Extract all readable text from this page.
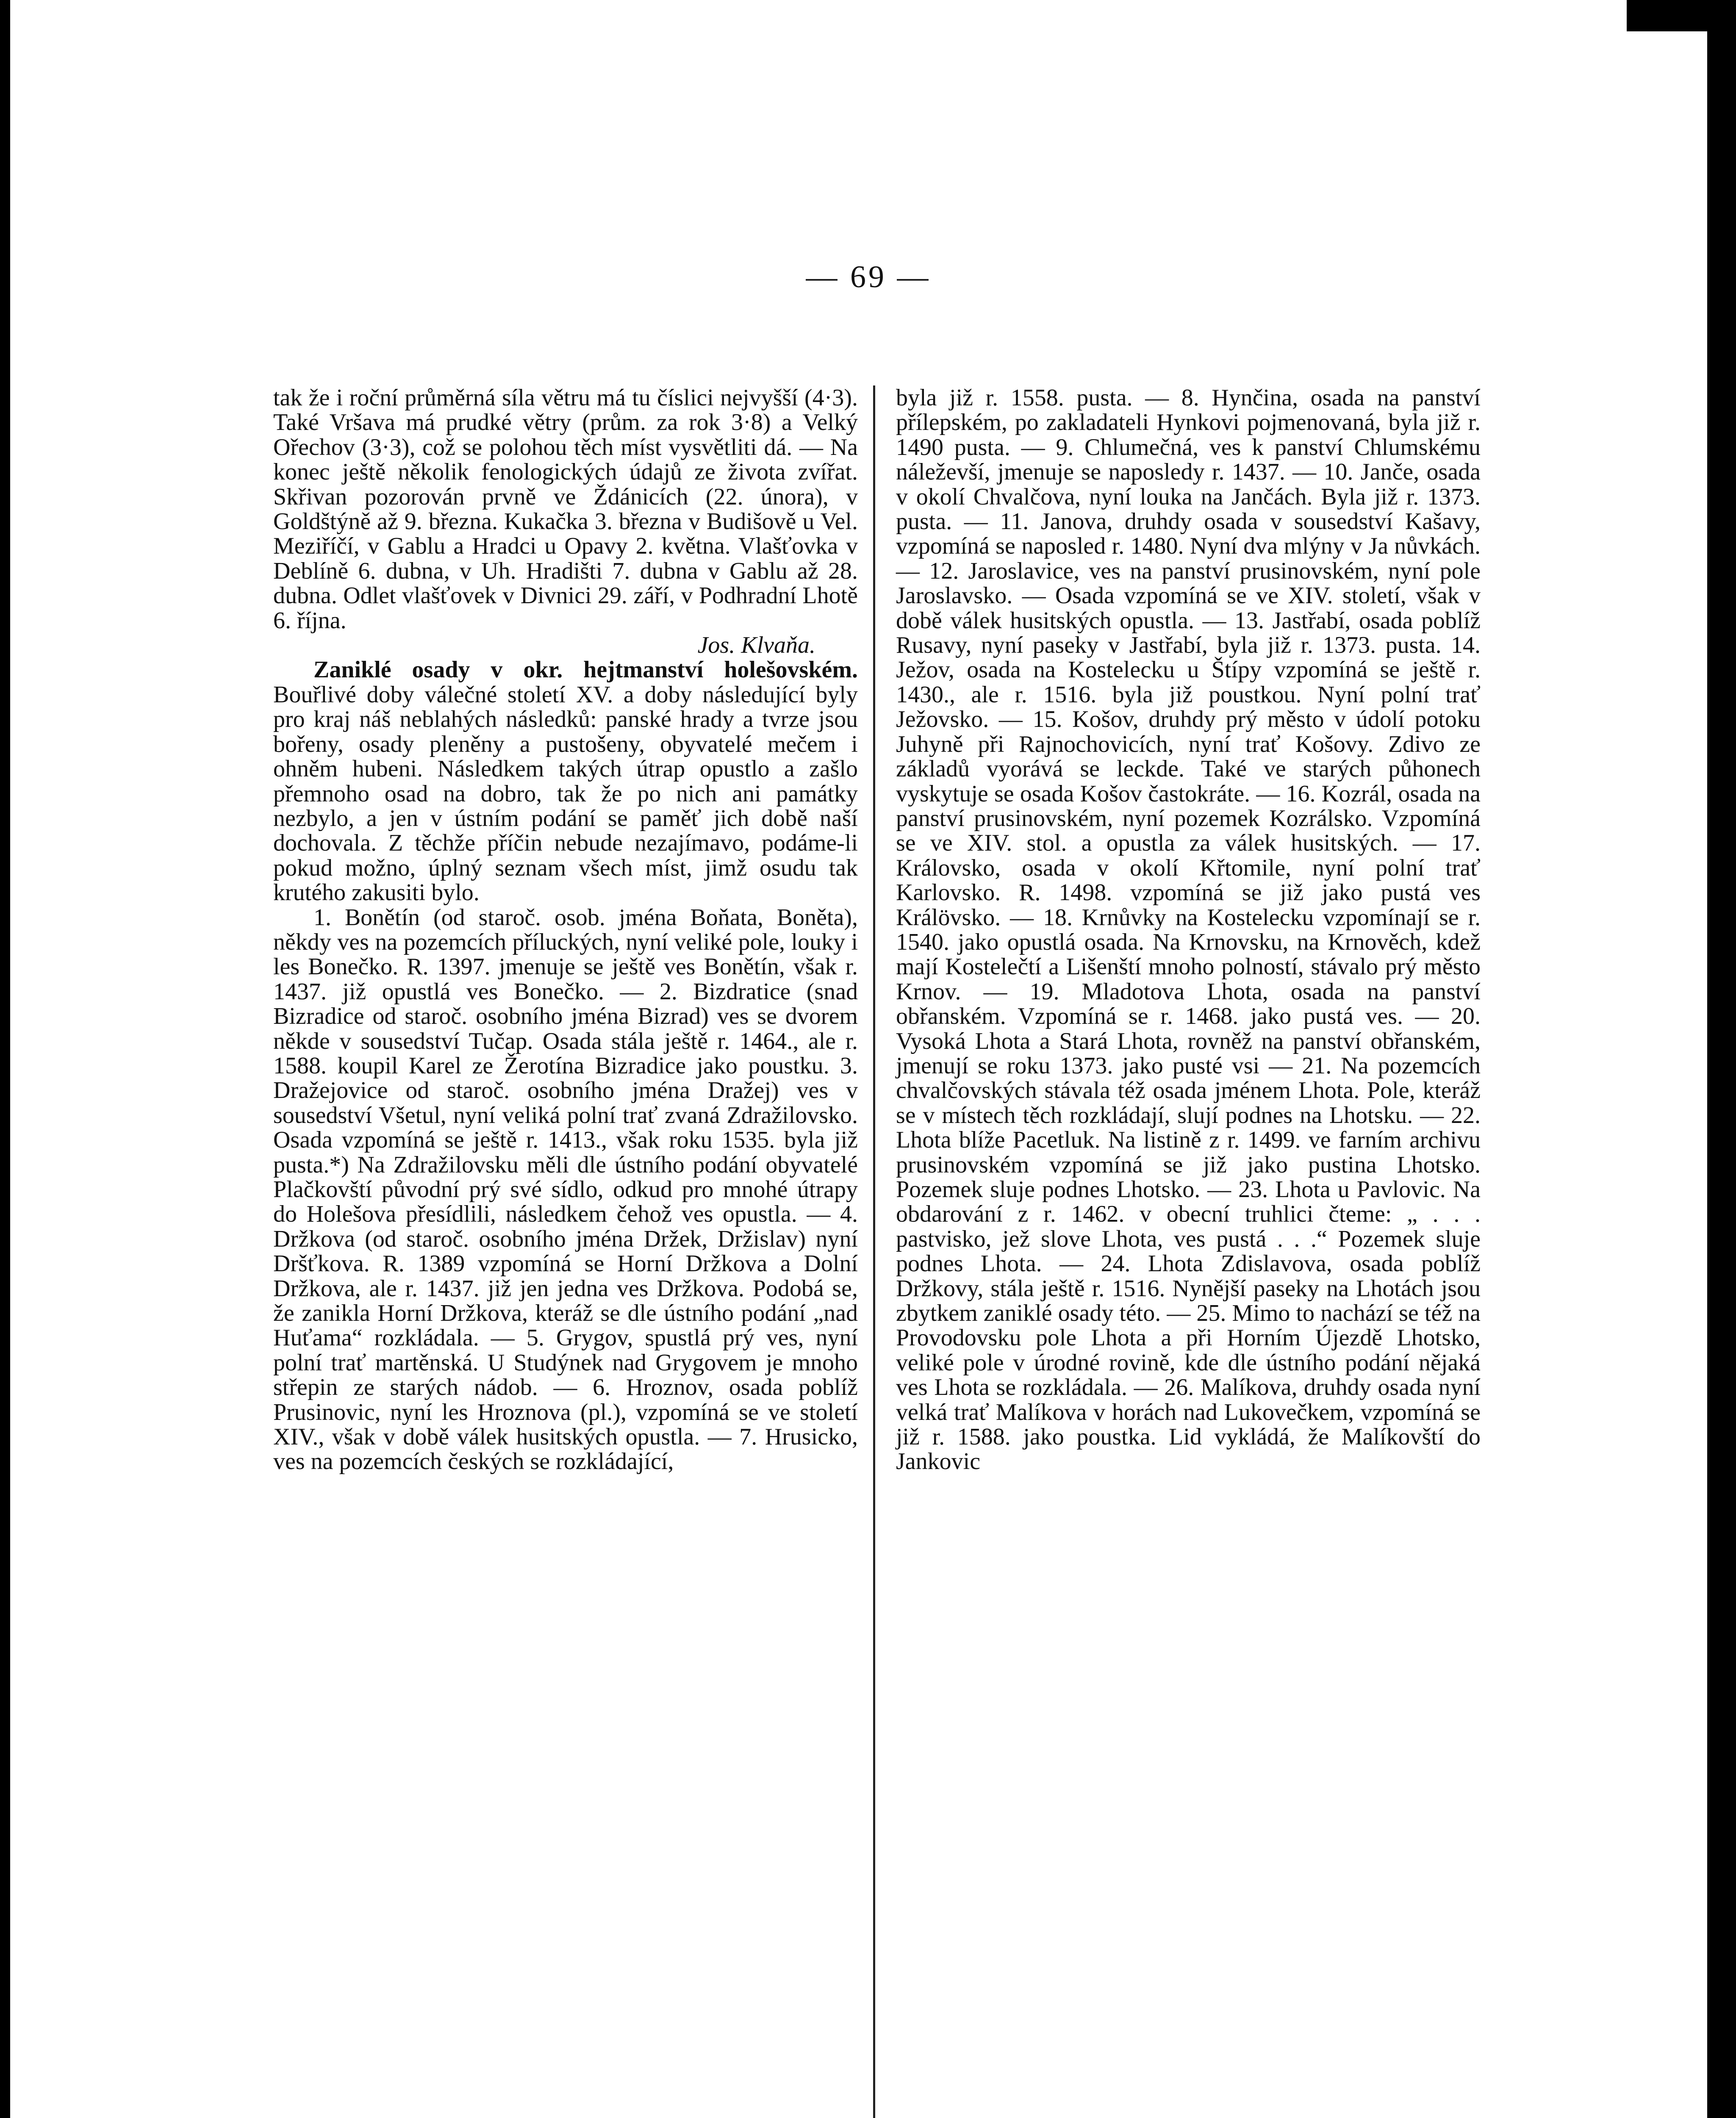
— 69 —

tak že i roční průměrná síla větru má tu číslici nejvyšší (4·3). Také Vršava má prudké větry (prům. za rok 3·8) a Velký Ořechov (3·3), což se polohou těch míst vysvětliti dá. — Na konec ještě několik fenologických údajů ze života zvířat. Skřivan pozorován prvně ve Ždánicích (22. února), v Goldštýně až 9. března. Kukačka 3. března v Budišově u Vel. Meziříčí, v Gablu a Hradci u Opavy 2. května. Vlašťovka v Deblíně 6. dubna, v Uh. Hradišti 7. dubna v Gablu až 28. dubna. Odlet vlašťovek v Divnici 29. září, v Podhradní Lhotě 6. října.

Jos. Klvaňa.

Zaniklé osady v okr. hejtmanství holešovském. Bouřlivé doby válečné století XV. a doby následující byly pro kraj náš neblahých následků: panské hrady a tvrze jsou bořeny, osady pleněny a pustošeny, obyvatelé mečem i ohněm hubeni. Následkem takých útrap opustlo a zašlo přemnoho osad na dobro, tak že po nich ani památky nezbylo, a jen v ústním podání se paměť jich době naší dochovala. Z těchže příčin nebude nezajímavo, podáme-li pokud možno, úplný seznam všech míst, jimž osudu tak krutého zakusiti bylo.

1. Bonětín (od staroč. osob. jména Boňata, Boněta), někdy ves na pozemcích příluckých, nyní veliké pole, louky i les Bonečko. R. 1397. jmenuje se ještě ves Bonětín, však r. 1437. již opustlá ves Bonečko. — 2. Bizdratice (snad Bizradice od staroč. osobního jména Bizrad) ves se dvorem někde v sousedství Tučap. Osada stála ještě r. 1464., ale r. 1588. koupil Karel ze Žerotína Bizradice jako poustku. 3. Dražejovice od staroč. osobního jména Dražej) ves v sousedství Všetul, nyní veliká polní trať zvaná Zdražilovsko. Osada vzpomíná se ještě r. 1413., však roku 1535. byla již pusta.*) Na Zdražilovsku měli dle ústního podání obyvatelé Plačkovští původní prý své sídlo, odkud pro mnohé útrapy do Holešova přesídlili, následkem čehož ves opustla. — 4. Držkova (od staroč. osobního jména Držek, Držislav) nyní Dršťkova. R. 1389 vzpomíná se Horní Držkova a Dolní Držkova, ale r. 1437. již jen jedna ves Držkova. Podobá se, že zanikla Horní Držkova, kteráž se dle ústního podání „nad Huťama“ rozkládala. — 5. Grygov, spustlá prý ves, nyní polní trať martěnská. U Studýnek nad Grygovem je mnoho střepin ze starých nádob. — 6. Hroznov, osada poblíž Prusinovic, nyní les Hroznova (pl.), vzpomíná se ve století XIV., však v době válek husitských opustla. — 7. Hrusicko, ves na pozemcích českých se rozkládající,

byla již r. 1558. pusta. — 8. Hynčina, osada na panství přílepském, po zakladateli Hynkovi pojmenovaná, byla již r. 1490 pusta. — 9. Chlumečná, ves k panství Chlumskému náleževší, jmenuje se naposledy r. 1437. — 10. Janče, osada v okolí Chvalčova, nyní louka na Jančách. Byla již r. 1373. pusta. — 11. Janova, druhdy osada v sousedství Kašavy, vzpomíná se naposled r. 1480. Nyní dva mlýny v Ja nůvkách. — 12. Jaroslavice, ves na panství prusinovském, nyní pole Jaroslavsko. — Osada vzpomíná se ve XIV. století, však v době válek husitských opustla. — 13. Jastřabí, osada poblíž Rusavy, nyní paseky v Jastřabí, byla již r. 1373. pusta. 14. Ježov, osada na Kostelecku u Štípy vzpomíná se ještě r. 1430., ale r. 1516. byla již poustkou. Nyní polní trať Ježovsko. — 15. Košov, druhdy prý město v údolí potoku Juhyně při Rajnochovicích, nyní trať Košovy. Zdivo ze základů vyorává se leckde. Také ve starých půhonech vyskytuje se osada Košov častokráte. — 16. Kozrál, osada na panství prusinovském, nyní pozemek Kozrálsko. Vzpomíná se ve XIV. stol. a opustla za válek husitských. — 17. Královsko, osada v okolí Křtomile, nyní polní trať Karlovsko. R. 1498. vzpomíná se již jako pustá ves Králövsko. — 18. Krnůvky na Kostelecku vzpomínají se r. 1540. jako opustlá osada. Na Krnovsku, na Krnověch, kdež mají Kostelečtí a Lišenští mnoho polností, stávalo prý město Krnov. — 19. Mladotova Lhota, osada na panství obřanském. Vzpomíná se r. 1468. jako pustá ves. — 20. Vysoká Lhota a Stará Lhota, rovněž na panství obřanském, jmenují se roku 1373. jako pusté vsi — 21. Na pozemcích chvalčovských stávala též osada jménem Lhota. Pole, kteráž se v místech těch rozkládají, slují podnes na Lhotsku. — 22. Lhota blíže Pacetluk. Na listině z r. 1499. ve farním archivu prusinovském vzpomíná se již jako pustina Lhotsko. Pozemek sluje podnes Lhotsko. — 23. Lhota u Pavlovic. Na obdarování z r. 1462. v obecní truhlici čteme: „ . . . pastvisko, jež slove Lhota, ves pustá . . .“ Pozemek sluje podnes Lhota. — 24. Lhota Zdislavova, osada poblíž Držkovy, stála ještě r. 1516. Nynější paseky na Lhotách jsou zbytkem zaniklé osady této. — 25. Mimo to nachází se též na Provodovsku pole Lhota a při Horním Újezdě Lhotsko, veliké pole v úrodné rovině, kde dle ústního podání nějaká ves Lhota se rozkládala. — 26. Malíkova, druhdy osada nyní velká trať Malíkova v horách nad Lukovečkem, vzpomíná se již r. 1588. jako poustka. Lid vykládá, že Malíkovští do Jankovic
